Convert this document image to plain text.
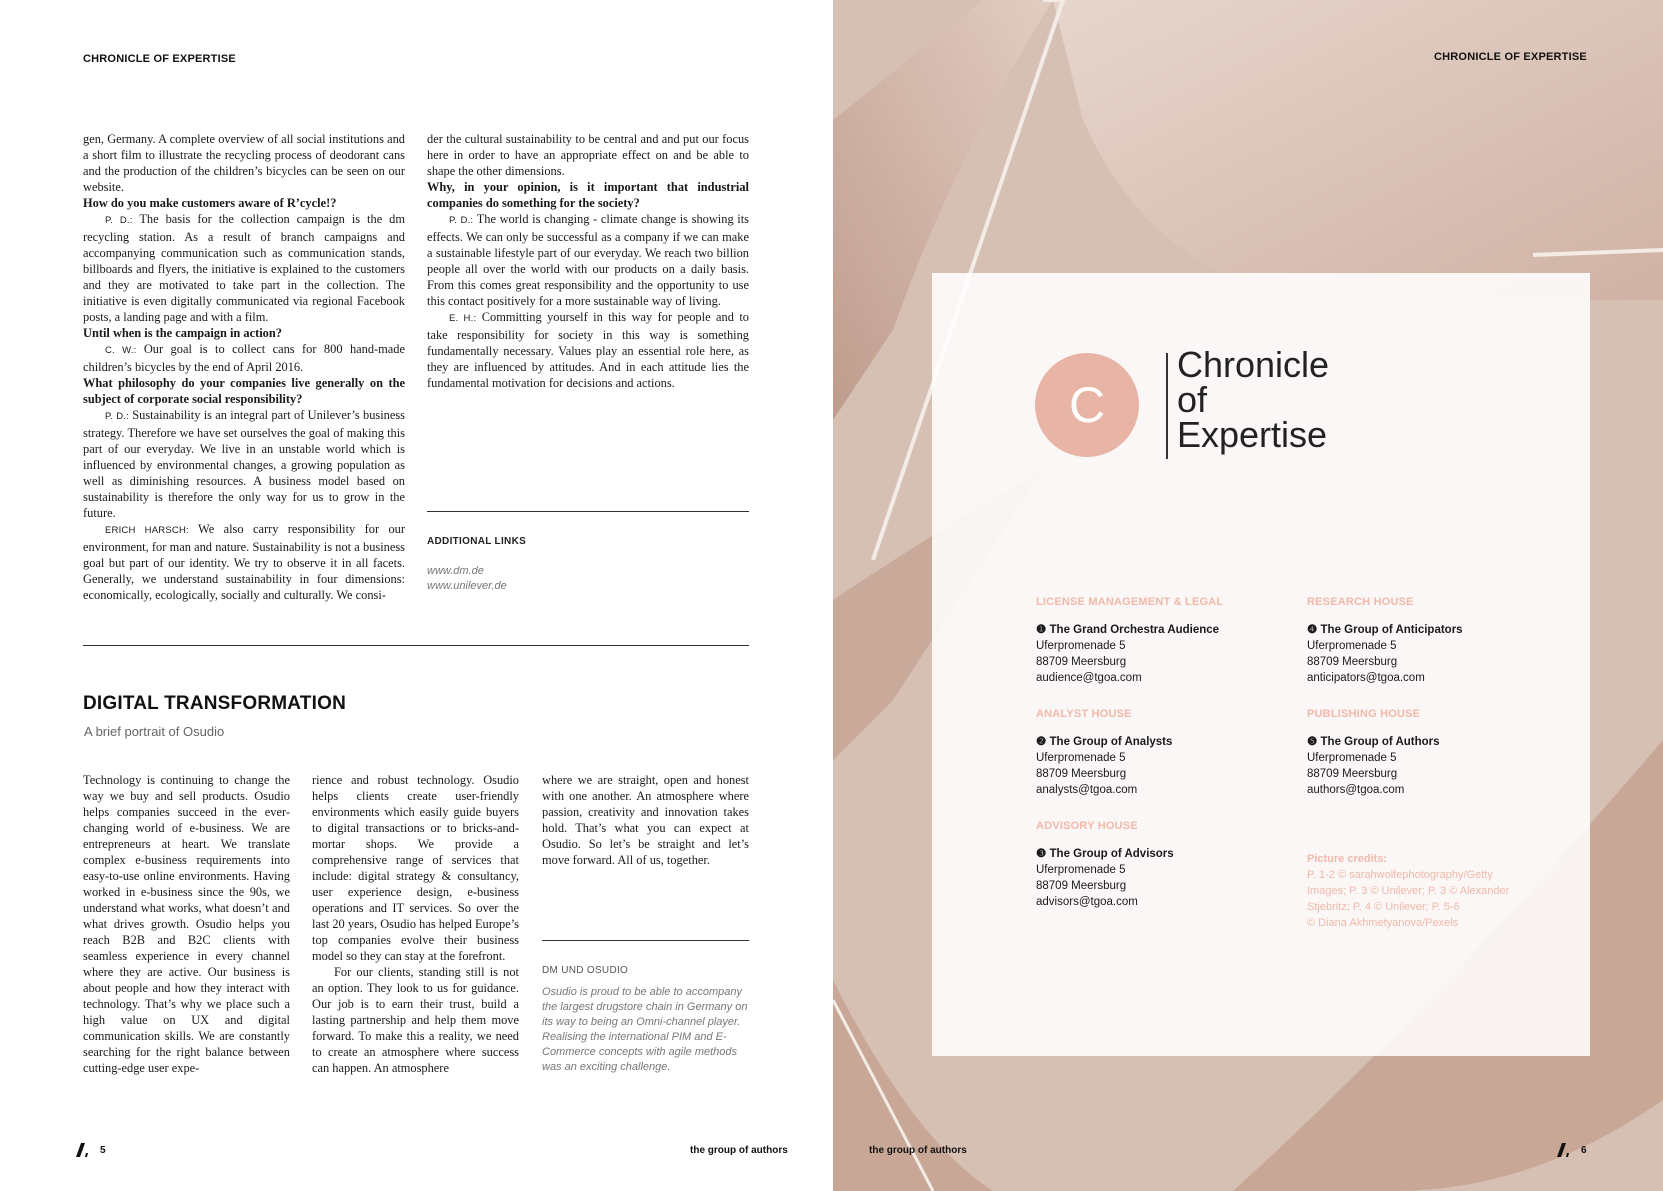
CHRONICLE OF EXPERTISE

gen, Germany. A complete overview of all social institutions and a short film to illustrate the recycling process of deodorant cans and the production of the children’s bicycles can be seen on our website.

How do you make customers aware of R’cycle!?

P. D.: The basis for the collection campaign is the dm recycling station. As a result of branch campaigns and accompanying communication such as communication stands, billboards and flyers, the initiative is explained to the customers and they are motivated to take part in the collection. The initiative is even digitally communicated via regional Facebook posts, a landing page and with a film.

Until when is the campaign in action?

C. W.: Our goal is to collect cans for 800 hand-made children’s bicycles by the end of April 2016.

What philosophy do your companies live generally on the subject of corporate social responsibility?

P. D.: Sustainability is an integral part of Unilever’s business strategy. Therefore we have set ourselves the goal of making this part of our everyday. We live in an unstable world which is influenced by environmental changes, a growing population as well as diminishing resources. A business model based on sustainability is therefore the only way for us to grow in the future.

ERICH HARSCH: We also carry responsibility for our environment, for man and nature. Sustainability is not a business goal but part of our identity. We try to observe it in all facets. Generally, we understand sustainability in four dimensions: economically, ecologically, socially and culturally. We consi-

der the cultural sustainability to be central and and put our focus here in order to have an appropriate effect on and be able to shape the other dimensions.

Why, in your opinion, is it important that industrial companies do something for the society?

P. D.: The world is changing - climate change is showing its effects. We can only be successful as a company if we can make a sustainable lifestyle part of our everyday. We reach two billion people all over the world with our products on a daily basis. From this comes great responsibility and the opportunity to use this contact positively for a more sustainable way of living.

E. H.: Committing yourself in this way for people and to take responsibility for society in this way is something fundamentally necessary. Values play an essential role here, as they are influenced by attitudes. And in each attitude lies the fundamental motivation for decisions and actions.

ADDITIONAL LINKS
www.dm.de
www.unilever.de
DIGITAL TRANSFORMATION
A brief portrait of Osudio

Technology is continuing to change the way we buy and sell products. Osudio helps companies succeed in the ever-changing world of e-business. We are entrepreneurs at heart. We translate complex e-business requirements into easy-to-use online environments. Having worked in e-business since the 90s, we understand what works, what doesn’t and what drives growth. Osudio helps you reach B2B and B2C clients with seamless experience in every channel where they are active. Our business is about people and how they interact with technology. That’s why we place such a high value on UX and digital communication skills. We are constantly searching for the right balance between cutting-edge user expe-

rience and robust technology. Osudio helps clients create user-friendly environments which easily guide buyers to digital transactions or to bricks-and-mortar shops. We provide a comprehensive range of services that include: digital strategy & consultancy, user experience design, e-business operations and IT services. So over the last 20 years, Osudio has helped Europe’s top companies evolve their business model so they can stay at the forefront.

For our clients, standing still is not an option. They look to us for guidance. Our job is to earn their trust, build a lasting partnership and help them move forward. To make this a reality, we need to create an atmosphere where success can happen. An atmosphere

where we are straight, open and honest with one another. An atmosphere where passion, creativity and innovation takes hold. That’s what you can expect at Osudio. So let’s be straight and let’s move forward. All of us, together.

DM UND OSUDIO
Osudio is proud to be able to accompany the largest drugstore chain in Germany on its way to being an Omni-channel player. Realising the international PIM and E-Commerce concepts with agile methods was an exciting challenge.
5	the group of authors
CHRONICLE OF EXPERTISE
C
Chronicle
of
Expertise
LICENSE MANAGEMENT & LEGAL
❶ The Grand Orchestra Audience
Uferpromenade 5
88709 Meersburg
audience@tgoa.com
ANALYST HOUSE
❷ The Group of Analysts
Uferpromenade 5
88709 Meersburg
analysts@tgoa.com
ADVISORY HOUSE
❸ The Group of Advisors
Uferpromenade 5
88709 Meersburg
advisors@tgoa.com
RESEARCH HOUSE
❹ The Group of Anticipators
Uferpromenade 5
88709 Meersburg
anticipators@tgoa.com
PUBLISHING HOUSE
❺ The Group of Authors
Uferpromenade 5
88709 Meersburg
authors@tgoa.com
Picture credits:
P. 1-2 © sarahwolfephotography/Getty
Images; P. 3 © Unilever; P. 3 © Alexander
Stjebritz; P. 4 © Unilever; P. 5-6
© Diana Akhmetyanova/Pexels
the group of authors	6
